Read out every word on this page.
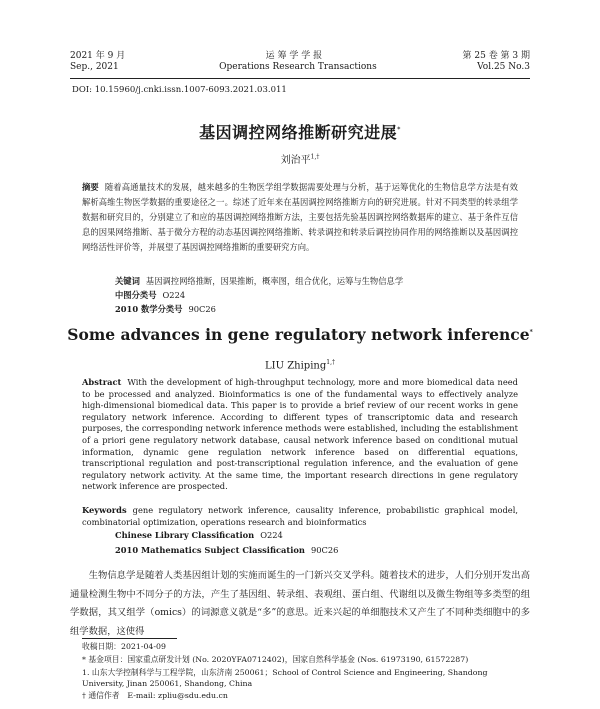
2021 年 9 月	运 筹 学 学 报	第 25 卷 第 3 期
Sep., 2021	Operations Research Transactions	Vol.25 No.3
DOI: 10.15960/j.cnki.issn.1007-6093.2021.03.011
基因调控网络推断研究进展*
刘治平$^{1,\dagger}$
摘要 随着高通量技术的发展，越来越多的生物医学组学数据需要处理与分析，基于运筹优化的生物信息学方法是有效解析高维生物医学数据的重要途径之一。综述了近年来在基因调控网络推断方向的研究进展。针对不同类型的转录组学数据和研究目的，分别建立了和应的基因调控网络推断方法，主要包括先验基因调控网络数据库的建立、基于条件互信息的因果网络推断、基于微分方程的动态基因调控网络推断、转录调控和转录后调控协同作用的网络推断以及基因调控网络活性评价等，并展望了基因调控网络推断的重要研究方向。
关键词 基因调控网络推断，因果推断，概率图，组合优化，运筹与生物信息学
中图分类号 O224
2010 数学分类号 90C26
Some advances in gene regulatory network inference*
LIU Zhiping$^{1,\dagger}$
Abstract With the development of high-throughput technology, more and more biomedical data need to be processed and analyzed. Bioinformatics is one of the fundamental ways to effectively analyze high-dimensional biomedical data. This paper is to provide a brief review of our recent works in gene regulatory network inference. According to different types of transcriptomic data and research purposes, the corresponding network inference methods were established, including the establishment of a priori gene regulatory network database, causal network inference based on conditional mutual information, dynamic gene regulation network inference based on differential equations, transcriptional regulation and post-transcriptional regulation inference, and the evaluation of gene regulatory network activity. At the same time, the important research directions in gene regulatory network inference are prospected.
Keywords gene regulatory network inference, causality inference, probabilistic graphical model, combinatorial optimization, operations research and bioinformatics
Chinese Library Classification O224
2010 Mathematics Subject Classification 90C26
生物信息学是随着人类基因组计划的实施而诞生的一门新兴交叉学科。随着技术的进步，人们分别开发出高通量检测生物中不同分子的方法，产生了基因组、转录组、表观组、蛋白组、代谢组以及微生物组等多类型的组学数据，其又组学（omics）的词源意义就是“多”的意思。近来兴起的单细胞技术又产生了不同种类细胞中的多组学数据，这使得
收稿日期：2021-04-09
* 基金项目：国家重点研发计划 (No. 2020YFA0712402)，国家自然科学基金 (Nos. 61973190, 61572287)
1. 山东大学控制科学与工程学院，山东济南 250061；School of Control Science and Engineering, Shandong University, Jinan 250061, Shandong, China
† 通信作者　E-mail: zpliu@sdu.edu.cn
